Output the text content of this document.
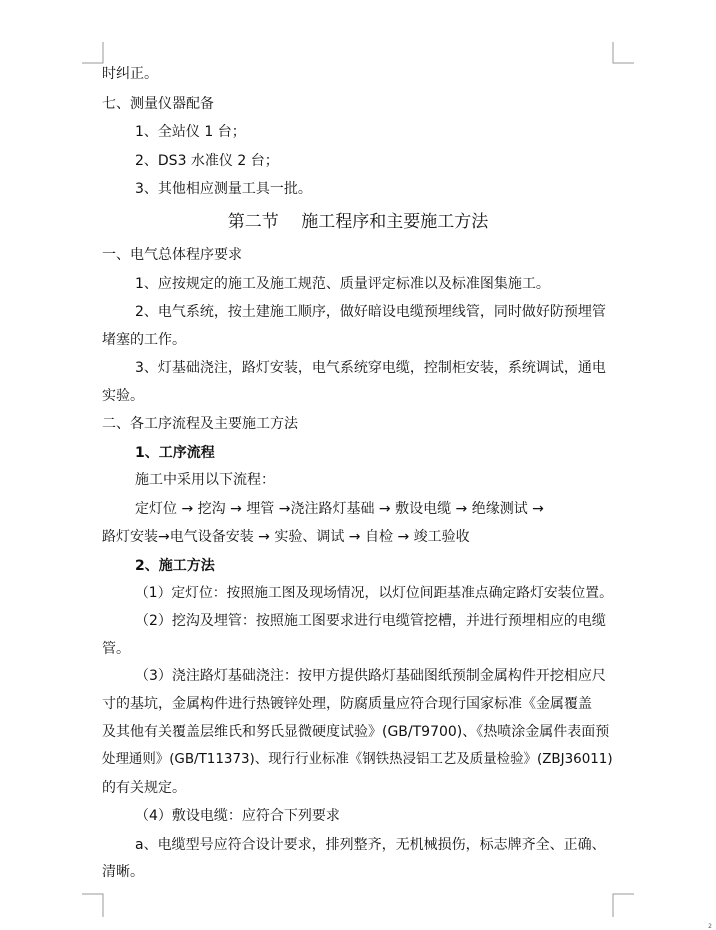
时纠正。
七、测量仪器配备
1、全站仪 1 台；
2、DS3 水准仪 2 台；
3、其他相应测量工具一批。
第二节　 施工程序和主要施工方法
一、电气总体程序要求
1、应按规定的施工及施工规范、质量评定标准以及标准图集施工。
2、电气系统，按土建施工顺序，做好暗设电缆预埋线管，同时做好防预埋管
堵塞的工作。
3、灯基础浇注，路灯安装，电气系统穿电缆，控制柜安装，系统调试，通电
实验。
二、各工序流程及主要施工方法
1、工序流程
施工中采用以下流程：
定灯位 → 挖沟 → 埋管 →浇注路灯基础 → 敷设电缆 → 绝缘测试 →
路灯安装→电气设备安装 → 实验、调试 → 自检 → 竣工验收
2、施工方法
（1）定灯位：按照施工图及现场情况，以灯位间距基准点确定路灯安装位置。
（2）挖沟及埋管：按照施工图要求进行电缆管挖槽，并进行预埋相应的电缆
管。
（3）浇注路灯基础浇注：按甲方提供路灯基础图纸预制金属构件开挖相应尺
寸的基坑，金属构件进行热镀锌处理，防腐质量应符合现行国家标准《金属覆盖
及其他有关覆盖层维氏和努氏显微硬度试验》(GB/T9700)、《热喷涂金属件表面预
处理通则》(GB/T11373)、现行行业标准《钢铁热浸铝工艺及质量检验》(ZBJ36011)
的有关规定。
（4）敷设电缆：应符合下列要求
a、电缆型号应符合设计要求，排列整齐，无机械损伤，标志牌齐全、正确、
清晰。
2
